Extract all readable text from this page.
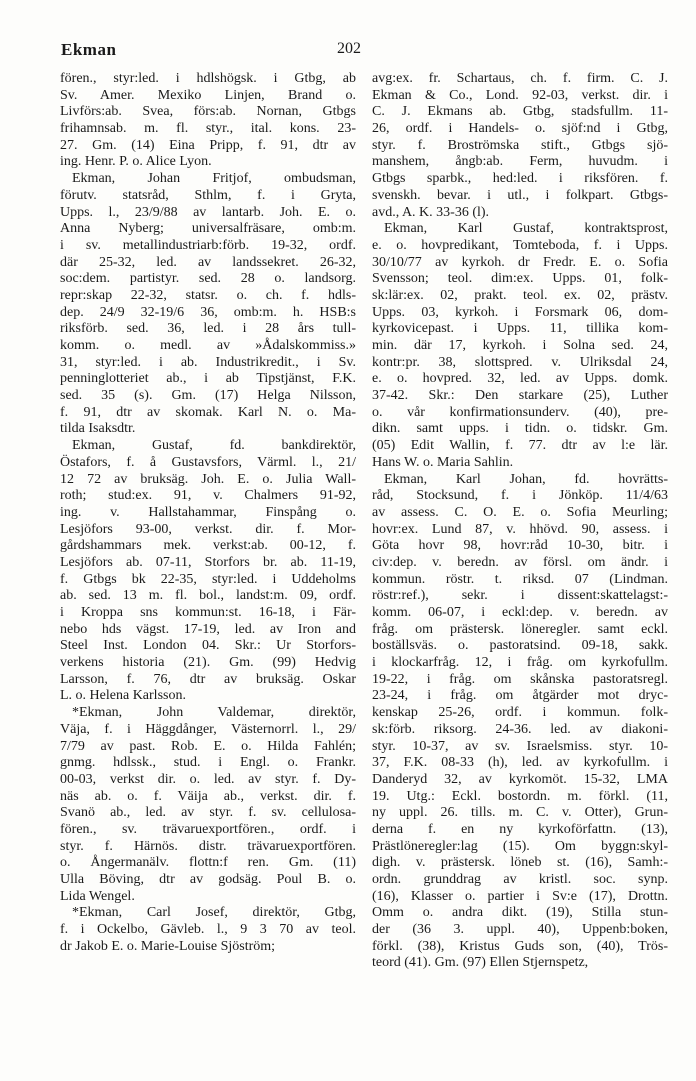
Ekman	202
fören., styr:led. i hdlshögsk. i Gtbg, ab
Sv. Amer. Mexiko Linjen, Brand o.
Livförs:ab. Svea, förs:ab. Nornan, Gtbgs
frihamnsab. m. fl. styr., ital. kons. 23-
27. Gm. (14) Eina Pripp, f. 91, dtr av
ing. Henr. P. o. Alice Lyon.
Ekman, Johan Fritjof, ombudsman,
förutv. statsråd, Sthlm, f. i Gryta,
Upps. l., 23/9/88 av lantarb. Joh. E. o.
Anna Nyberg; universalfräsare, omb:m.
i sv. metallindustriarb:förb. 19-32, ordf.
där 25-32, led. av landssekret. 26-32,
soc:dem. partistyr. sed. 28 o. landsorg.
repr:skap 22-32, statsr. o. ch. f. hdls-
dep. 24/9 32-19/6 36, omb:m. h. HSB:s
riksförb. sed. 36, led. i 28 års tull-
komm. o. medl. av »Ådalskommiss.»
31, styr:led. i ab. Industrikredit., i Sv.
penninglotteriet ab., i ab Tipstjänst, F.K.
sed. 35 (s). Gm. (17) Helga Nilsson,
f. 91, dtr av skomak. Karl N. o. Ma-
tilda Isaksdtr.
Ekman, Gustaf, fd. bankdirektör,
Östafors, f. å Gustavsfors, Värml. l., 21/
12 72 av bruksäg. Joh. E. o. Julia Wall-
roth; stud:ex. 91, v. Chalmers 91-92,
ing. v. Hallstahammar, Finspång o.
Lesjöfors 93-00, verkst. dir. f. Mor-
gårdshammars mek. verkst:ab. 00-12, f.
Lesjöfors ab. 07-11, Storfors br. ab. 11-19,
f. Gtbgs bk 22-35, styr:led. i Uddeholms
ab. sed. 13 m. fl. bol., landst:m. 09, ordf.
i Kroppa sns kommun:st. 16-18, i Fär-
nebo hds vägst. 17-19, led. av Iron and
Steel Inst. London 04. Skr.: Ur Storfors-
verkens historia (21). Gm. (99) Hedvig
Larsson, f. 76, dtr av bruksäg. Oskar
L. o. Helena Karlsson.
*Ekman, John Valdemar, direktör,
Väja, f. i Häggdånger, Västernorrl. l., 29/
7/79 av past. Rob. E. o. Hilda Fahlén;
gnmg. hdlssk., stud. i Engl. o. Frankr.
00-03, verkst dir. o. led. av styr. f. Dy-
näs ab. o. f. Väija ab., verkst. dir. f.
Svanö ab., led. av styr. f. sv. cellulosa-
fören., sv. trävaruexportfören., ordf. i
styr. f. Härnös. distr. trävaruexportfören.
o. Ångermanälv. flottn:f ren. Gm. (11)
Ulla Böving, dtr av godsäg. Poul B. o.
Lida Wengel.
*Ekman, Carl Josef, direktör, Gtbg,
f. i Ockelbo, Gävleb. l., 9 3 70 av teol.
dr Jakob E. o. Marie-Louise Sjöström;
avg:ex. fr. Schartaus, ch. f. firm. C. J.
Ekman & Co., Lond. 92-03, verkst. dir. i
C. J. Ekmans ab. Gtbg, stadsfullm. 11-
26, ordf. i Handels- o. sjöf:nd i Gtbg,
styr. f. Broströmska stift., Gtbgs sjö-
manshem, ångb:ab. Ferm, huvudm. i
Gtbgs sparbk., hed:led. i riksfören. f.
svenskh. bevar. i utl., i folkpart. Gtbgs-
avd., A. K. 33-36 (l).
Ekman, Karl Gustaf, kontraktsprost,
e. o. hovpredikant, Tomteboda, f. i Upps.
30/10/77 av kyrkoh. dr Fredr. E. o. Sofia
Svensson; teol. dim:ex. Upps. 01, folk-
sk:lär:ex. 02, prakt. teol. ex. 02, prästv.
Upps. 03, kyrkoh. i Forsmark 06, dom-
kyrkovicepast. i Upps. 11, tillika kom-
min. där 17, kyrkoh. i Solna sed. 24,
kontr:pr. 38, slottspred. v. Ulriksdal 24,
e. o. hovpred. 32, led. av Upps. domk.
37-42. Skr.: Den starkare (25), Luther
o. vår konfirmationsunderv. (40), pre-
dikn. samt upps. i tidn. o. tidskr. Gm.
(05) Edit Wallin, f. 77. dtr av l:e lär.
Hans W. o. Maria Sahlin.
Ekman, Karl Johan, fd. hovrätts-
råd, Stocksund, f. i Jönköp. 11/4/63
av assess. C. O. E. o. Sofia Meurling;
hovr:ex. Lund 87, v. hhövd. 90, assess. i
Göta hovr 98, hovr:råd 10-30, bitr. i
civ:dep. v. beredn. av försl. om ändr. i
kommun. röstr. t. riksd. 07 (Lindman.
röstr:ref.), sekr. i dissent:skattelagst:-
komm. 06-07, i eckl:dep. v. beredn. av
fråg. om prästersk. löneregler. samt eckl.
boställsväs. o. pastoratsind. 09-18, sakk.
i klockarfråg. 12, i fråg. om kyrkofullm.
19-22, i fråg. om skånska pastoratsregl.
23-24, i fråg. om åtgärder mot dryc-
kenskap 25-26, ordf. i kommun. folk-
sk:förb. riksorg. 24-36. led. av diakoni-
styr. 10-37, av sv. Israelsmiss. styr. 10-
37, F.K. 08-33 (h), led. av kyrkofullm. i
Danderyd 32, av kyrkomöt. 15-32, LMA
19. Utg.: Eckl. bostordn. m. förkl. (11,
ny uppl. 26. tills. m. C. v. Otter), Grun-
derna f. en ny kyrkoförfattn. (13),
Prästlöneregler:lag (15). Om byggn:skyl-
digh. v. prästersk. löneb st. (16), Samh:-
ordn. grunddrag av kristl. soc. synp.
(16), Klasser o. partier i Sv:e (17), Drottn.
Omm o. andra dikt. (19), Stilla stun-
der (36 3. uppl. 40), Uppenb:boken,
förkl. (38), Kristus Guds son, (40), Trös-
teord (41). Gm. (97) Ellen Stjernspetz,
